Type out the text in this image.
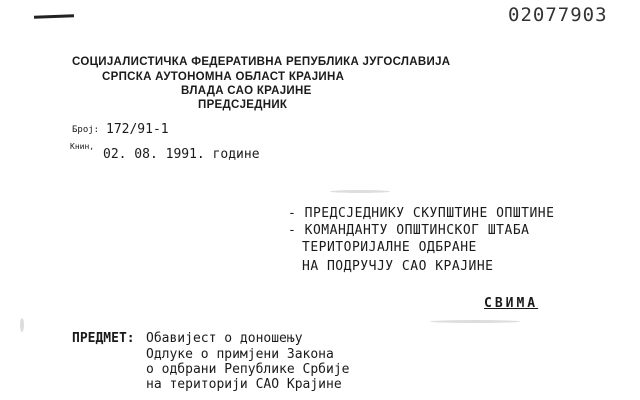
02077903
СОЦИЈАЛИСТИЧКА ФЕДЕРАТИВНА РЕПУБЛИКА ЈУГОСЛАВИЈА
СРПСКА АУТОНОМНА ОБЛАСТ КРАЈИНА
ВЛАДА САО КРАЈИНЕ
ПРЕДСЈЕДНИК
Број: 172/91-1
Книн,
02. 08. 1991. године
- ПРЕДСЈЕДНИКУ СКУПШТИНЕ ОПШТИНЕ
- КОМАНДАНТУ ОПШТИНСКОГ ШТАБА
ТЕРИТОРИЈАЛНЕ ОДБРАНЕ
НА ПОДРУЧЈУ САО КРАЈИНЕ
СВИМА
ПРЕДМЕТ: Обавијест о доношењу
Одлуке о примјени Закона
о одбрани Републике Србије
на територији САО Крајине
